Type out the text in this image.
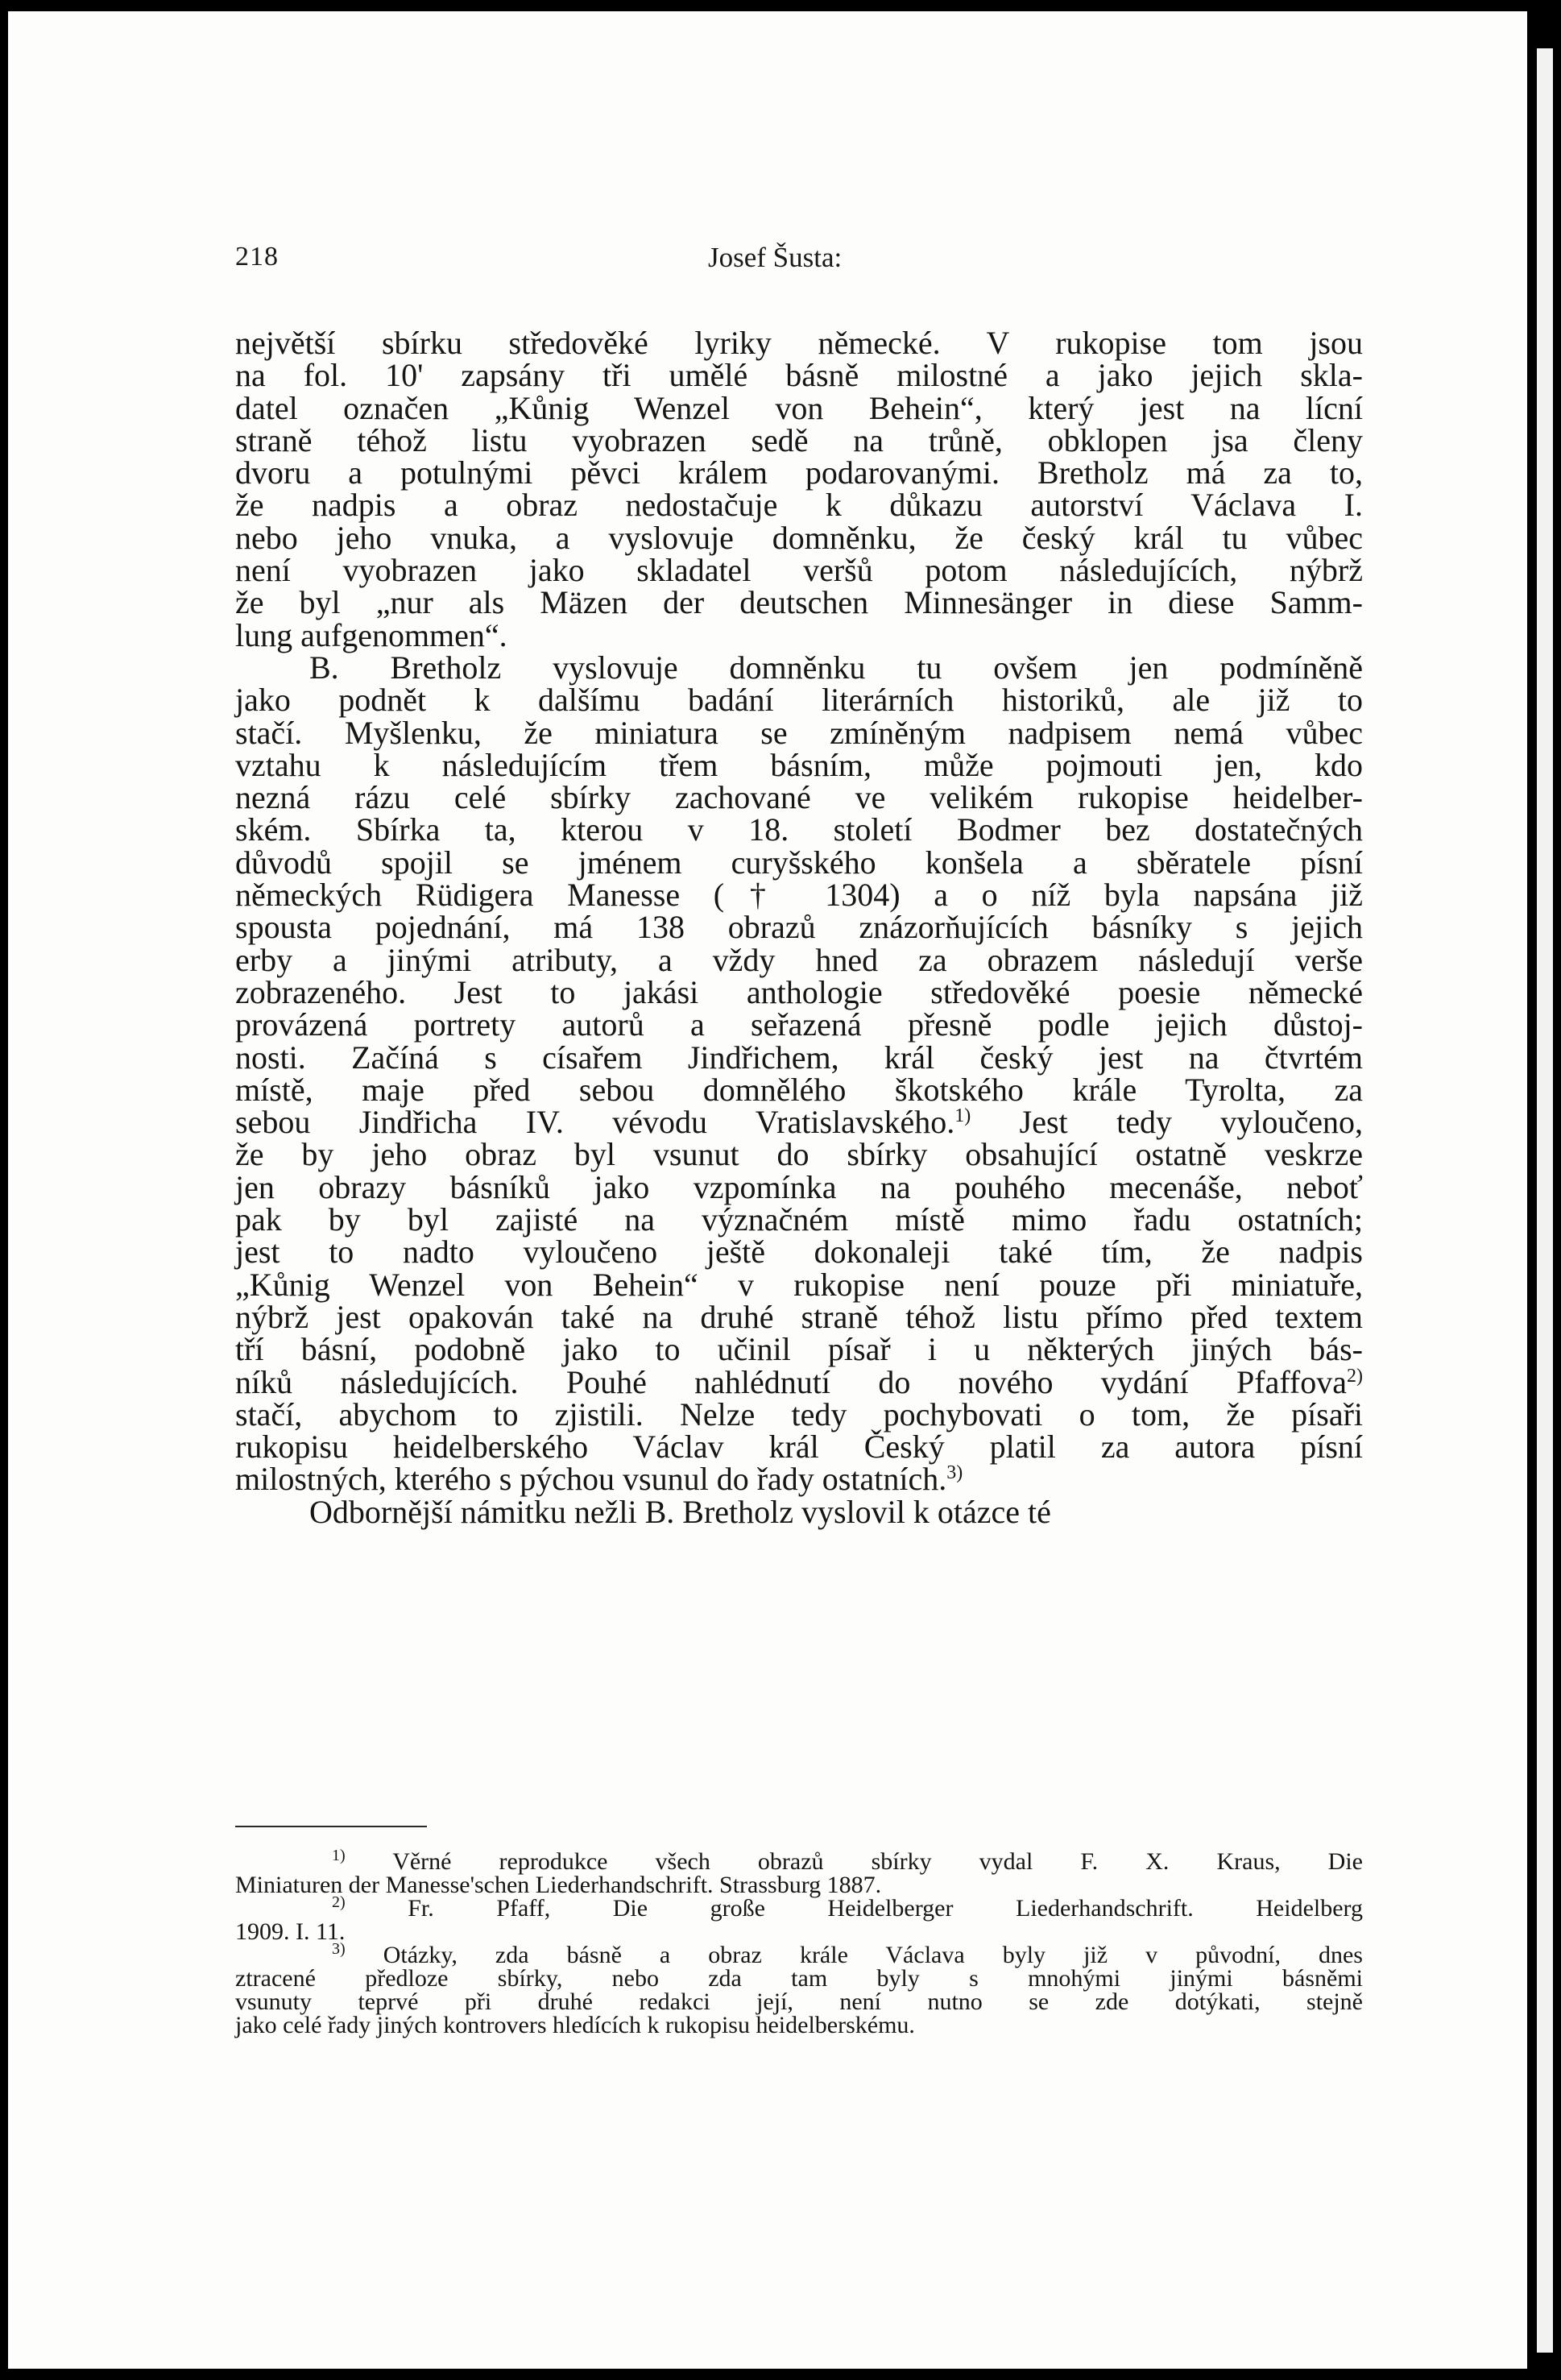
218	Josef Šusta:
největší sbírku středověké lyriky německé. V rukopise tom jsou
na fol. 10' zapsány tři umělé básně milostné a jako jejich skla-
datel označen „Kůnig Wenzel von Behein“, který jest na lícní
straně téhož listu vyobrazen sedě na trůně, obklopen jsa členy
dvoru a potulnými pěvci králem podarovanými. Bretholz má za to,
že nadpis a obraz nedostačuje k důkazu autorství Václava I.
nebo jeho vnuka, a vyslovuje domněnku, že český král tu vůbec
není vyobrazen jako skladatel veršů potom následujících, nýbrž
že byl „nur als Mäzen der deutschen Minnesänger in diese Samm-
lung aufgenommen“.
B. Bretholz vyslovuje domněnku tu ovšem jen podmíněně
jako podnět k dalšímu badání literárních historiků, ale již to
stačí. Myšlenku, že miniatura se zmíněným nadpisem nemá vůbec
vztahu k následujícím třem básním, může pojmouti jen, kdo
nezná rázu celé sbírky zachované ve velikém rukopise heidelber-
ském. Sbírka ta, kterou v 18. století Bodmer bez dostatečných
důvodů spojil se jménem curyšského konšela a sběratele písní
německých Rüdigera Manesse († 1304) a o níž byla napsána již
spousta pojednání, má 138 obrazů znázorňujících básníky s jejich
erby a jinými atributy, a vždy hned za obrazem následují verše
zobrazeného. Jest to jakási anthologie středověké poesie německé
provázená portrety autorů a seřazená přesně podle jejich důstoj-
nosti. Začíná s císařem Jindřichem, král český jest na čtvrtém
místě, maje před sebou domnělého škotského krále Tyrolta, za
sebou Jindřicha IV. vévodu Vratislavského.$^{1)}$ Jest tedy vyloučeno,
že by jeho obraz byl vsunut do sbírky obsahující ostatně veskrze
jen obrazy básníků jako vzpomínka na pouhého mecenáše, neboť
pak by byl zajisté na význačném místě mimo řadu ostatních;
jest to nadto vyloučeno ještě dokonaleji také tím, že nadpis
„Kůnig Wenzel von Behein“ v rukopise není pouze při miniatuře,
nýbrž jest opakován také na druhé straně téhož listu přímo před textem
tří básní, podobně jako to učinil písař i u některých jiných bás-
níků následujících. Pouhé nahlédnutí do nového vydání Pfaffova$^{2)}$
stačí, abychom to zjistili. Nelze tedy pochybovati o tom, že písaři
rukopisu heidelberského Václav král Český platil za autora písní
milostných, kterého s pýchou vsunul do řady ostatních.$^{3)}$
Odbornější námitku nežli B. Bretholz vyslovil k otázce té
$^{1)}$ Věrné reprodukce všech obrazů sbírky vydal F. X. Kraus, Die
Miniaturen der Manesse'schen Liederhandschrift. Strassburg 1887.
$^{2)}$ Fr. Pfaff, Die große Heidelberger Liederhandschrift. Heidelberg
1909. I. 11.
$^{3)}$ Otázky, zda básně a obraz krále Václava byly již v původní, dnes
ztracené předloze sbírky, nebo zda tam byly s mnohými jinými básněmi
vsunuty teprvé při druhé redakci její, není nutno se zde dotýkati, stejně
jako celé řady jiných kontrovers hledících k rukopisu heidelberskému.
